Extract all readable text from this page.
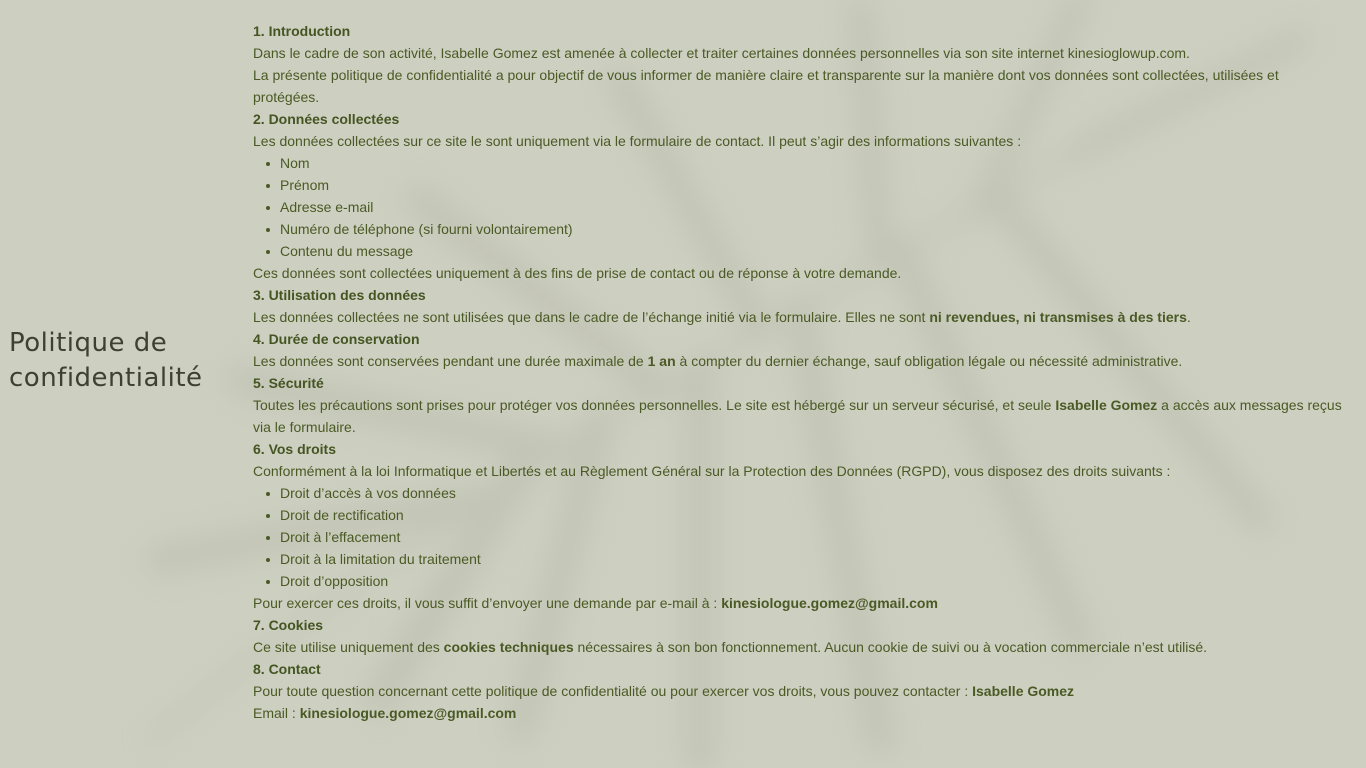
Politique de
confidentialité
1. Introduction

Dans le cadre de son activité, Isabelle Gomez est amenée à collecter et traiter certaines données personnelles via son site internet kinesioglowup.com.

La présente politique de confidentialité a pour objectif de vous informer de manière claire et transparente sur la manière dont vos données sont collectées, utilisées et protégées.

2. Données collectées

Les données collectées sur ce site le sont uniquement via le formulaire de contact. Il peut s’agir des informations suivantes :

Nom
Prénom
Adresse e-mail
Numéro de téléphone (si fourni volontairement)
Contenu du message

Ces données sont collectées uniquement à des fins de prise de contact ou de réponse à votre demande.

3. Utilisation des données

Les données collectées ne sont utilisées que dans le cadre de l’échange initié via le formulaire. Elles ne sont ni revendues, ni transmises à des tiers.

4. Durée de conservation

Les données sont conservées pendant une durée maximale de 1 an à compter du dernier échange, sauf obligation légale ou nécessité administrative.

5. Sécurité

Toutes les précautions sont prises pour protéger vos données personnelles. Le site est hébergé sur un serveur sécurisé, et seule Isabelle Gomez a accès aux messages reçus via le formulaire.

6. Vos droits

Conformément à la loi Informatique et Libertés et au Règlement Général sur la Protection des Données (RGPD), vous disposez des droits suivants :

Droit d’accès à vos données
Droit de rectification
Droit à l’effacement
Droit à la limitation du traitement
Droit d’opposition

Pour exercer ces droits, il vous suffit d’envoyer une demande par e-mail à : kinesiologue.gomez@gmail.com

7. Cookies

Ce site utilise uniquement des cookies techniques nécessaires à son bon fonctionnement. Aucun cookie de suivi ou à vocation commerciale n’est utilisé.

8. Contact

Pour toute question concernant cette politique de confidentialité ou pour exercer vos droits, vous pouvez contacter : Isabelle Gomez

Email : kinesiologue.gomez@gmail.com
